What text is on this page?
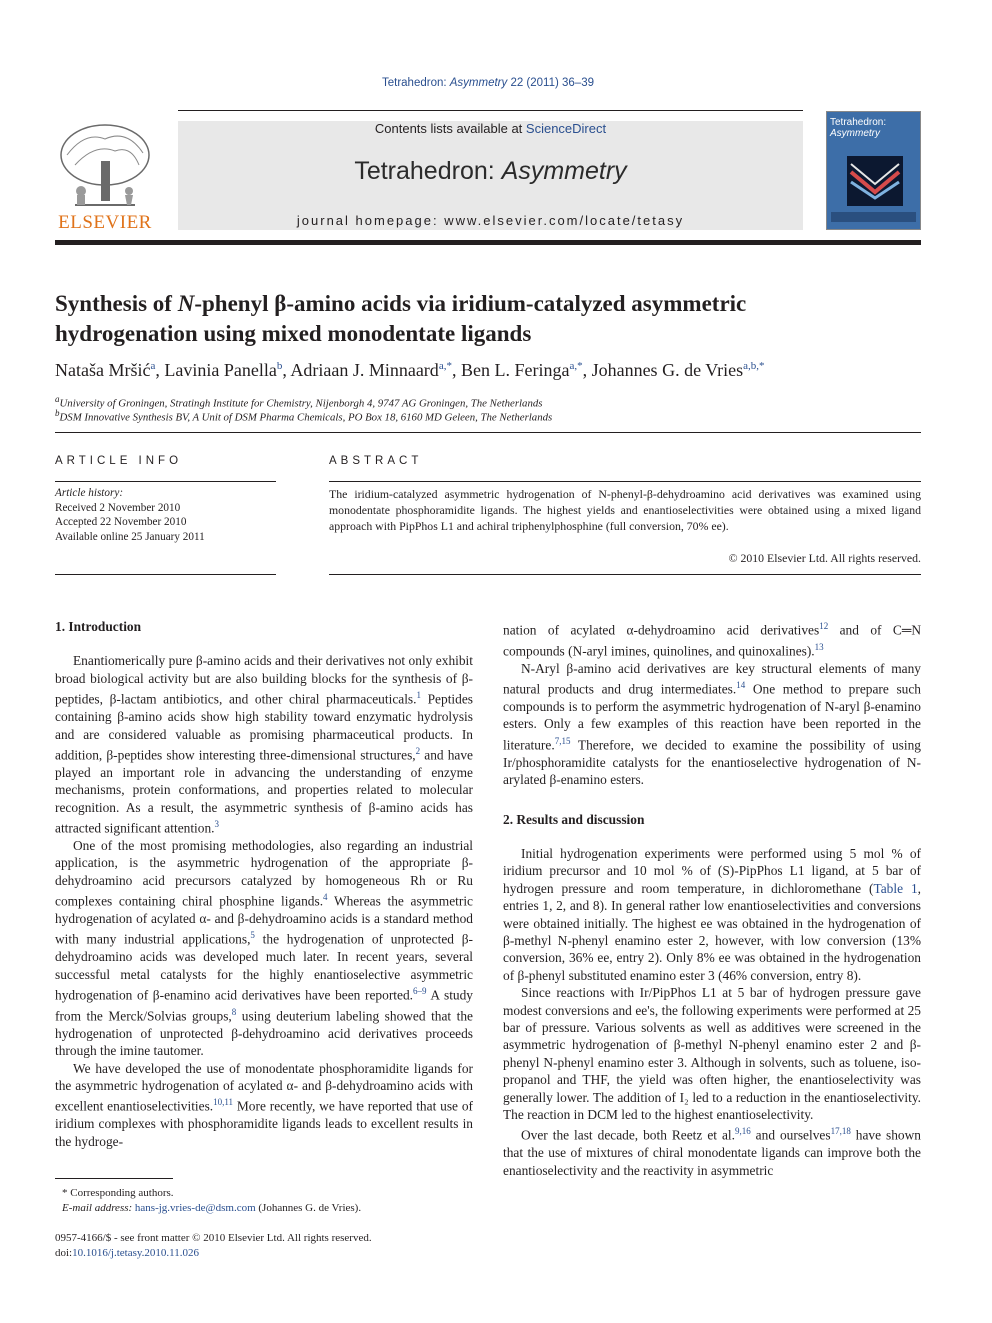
Tetrahedron: Asymmetry 22 (2011) 36–39
ELSEVIER
Contents lists available at ScienceDirect
Tetrahedron: Asymmetry
journal homepage: www.elsevier.com/locate/tetasy
Tetrahedron:
Asymmetry
Synthesis of N-phenyl β-amino acids via iridium-catalyzed asymmetric
hydrogenation using mixed monodentate ligands
Nataša Mršić$^a$, Lavinia Panella$^b$, Adriaan J. Minnaard$^{a,*}$, Ben L. Feringa$^{a,*}$, Johannes G. de Vries$^{a,b,*}$
$^a$University of Groningen, Stratingh Institute for Chemistry, Nijenborgh 4, 9747 AG Groningen, The Netherlands
$^b$DSM Innovative Synthesis BV, A Unit of DSM Pharma Chemicals, PO Box 18, 6160 MD Geleen, The Netherlands
ARTICLE INFO
Article history:
Received 2 November 2010
Accepted 22 November 2010
Available online 25 January 2011
ABSTRACT
The iridium-catalyzed asymmetric hydrogenation of N-phenyl-β-dehydroamino acid derivatives was examined using monodentate phosphoramidite ligands. The highest yields and enantioselectivities were obtained using a mixed ligand approach with PipPhos L1 and achiral triphenylphosphine (full conversion, 70% ee).
© 2010 Elsevier Ltd. All rights reserved.
1. Introduction

Enantiomerically pure β-amino acids and their derivatives not only exhibit broad biological activity but are also building blocks for the synthesis of β-peptides, β-lactam antibiotics, and other chiral pharmaceuticals.$^1$ Peptides containing β-amino acids show high stability toward enzymatic hydrolysis and are considered valuable as promising pharmaceutical products. In addition, β-peptides show interesting three-dimensional structures,$^2$ and have played an important role in advancing the understanding of enzyme mechanisms, protein conformations, and properties related to molecular recognition. As a result, the asymmetric synthesis of β-amino acids has attracted significant attention.$^3$

One of the most promising methodologies, also regarding an industrial application, is the asymmetric hydrogenation of the appropriate β-dehydroamino acid precursors catalyzed by homogeneous Rh or Ru complexes containing chiral phosphine ligands.$^4$ Whereas the asymmetric hydrogenation of acylated α- and β-dehydroamino acids is a standard method with many industrial applications,$^5$ the hydrogenation of unprotected β-dehydroamino acids was developed much later. In recent years, several successful metal catalysts for the highly enantioselective asymmetric hydrogenation of β-enamino acid derivatives have been reported.$^{6-9}$ A study from the Merck/Solvias groups,$^8$ using deuterium labeling showed that the hydrogenation of unprotected β-dehydroamino acid derivatives proceeds through the imine tautomer.

We have developed the use of monodentate phosphoramidite ligands for the asymmetric hydrogenation of acylated α- and β-dehydroamino acids with excellent enantioselectivities.$^{10,11}$ More recently, we have reported that use of iridium complexes with phosphoramidite ligands leads to excellent results in the hydroge-

nation of acylated α-dehydroamino acid derivatives$^{12}$ and of C═N compounds (N-aryl imines, quinolines, and quinoxalines).$^{13}$

N-Aryl β-amino acid derivatives are key structural elements of many natural products and drug intermediates.$^{14}$ One method to prepare such compounds is to perform the asymmetric hydrogenation of N-aryl β-enamino esters. Only a few examples of this reaction have been reported in the literature.$^{7,15}$ Therefore, we decided to examine the possibility of using Ir/phosphoramidite catalysts for the enantioselective hydrogenation of N-arylated β-enamino esters.

2. Results and discussion

Initial hydrogenation experiments were performed using 5 mol % of iridium precursor and 10 mol % of (S)-PipPhos L1 ligand, at 5 bar of hydrogen pressure and room temperature, in dichloromethane (Table 1, entries 1, 2, and 8). In general rather low enantioselectivities and conversions were obtained initially. The highest ee was obtained in the hydrogenation of β-methyl N-phenyl enamino ester 2, however, with low conversion (13% conversion, 36% ee, entry 2). Only 8% ee was obtained in the hydrogenation of β-phenyl substituted enamino ester 3 (46% conversion, entry 8).

Since reactions with Ir/PipPhos L1 at 5 bar of hydrogen pressure gave modest conversions and ee's, the following experiments were performed at 25 bar of pressure. Various solvents as well as additives were screened in the asymmetric hydrogenation of β-methyl N-phenyl enamino ester 2 and β-phenyl N-phenyl enamino ester 3. Although in solvents, such as toluene, iso-propanol and THF, the yield was often higher, the enantioselectivity was generally lower. The addition of I₂ led to a reduction in the enantioselectivity. The reaction in DCM led to the highest enantioselectivity.

Over the last decade, both Reetz et al.$^{9,16}$ and ourselves$^{17,18}$ have shown that the use of mixtures of chiral monodentate ligands can improve both the enantioselectivity and the reactivity in asymmetric

* Corresponding authors.
E-mail address: hans-jg.vries-de@dsm.com (Johannes G. de Vries).
0957-4166/$ - see front matter © 2010 Elsevier Ltd. All rights reserved.
doi:10.1016/j.tetasy.2010.11.026
